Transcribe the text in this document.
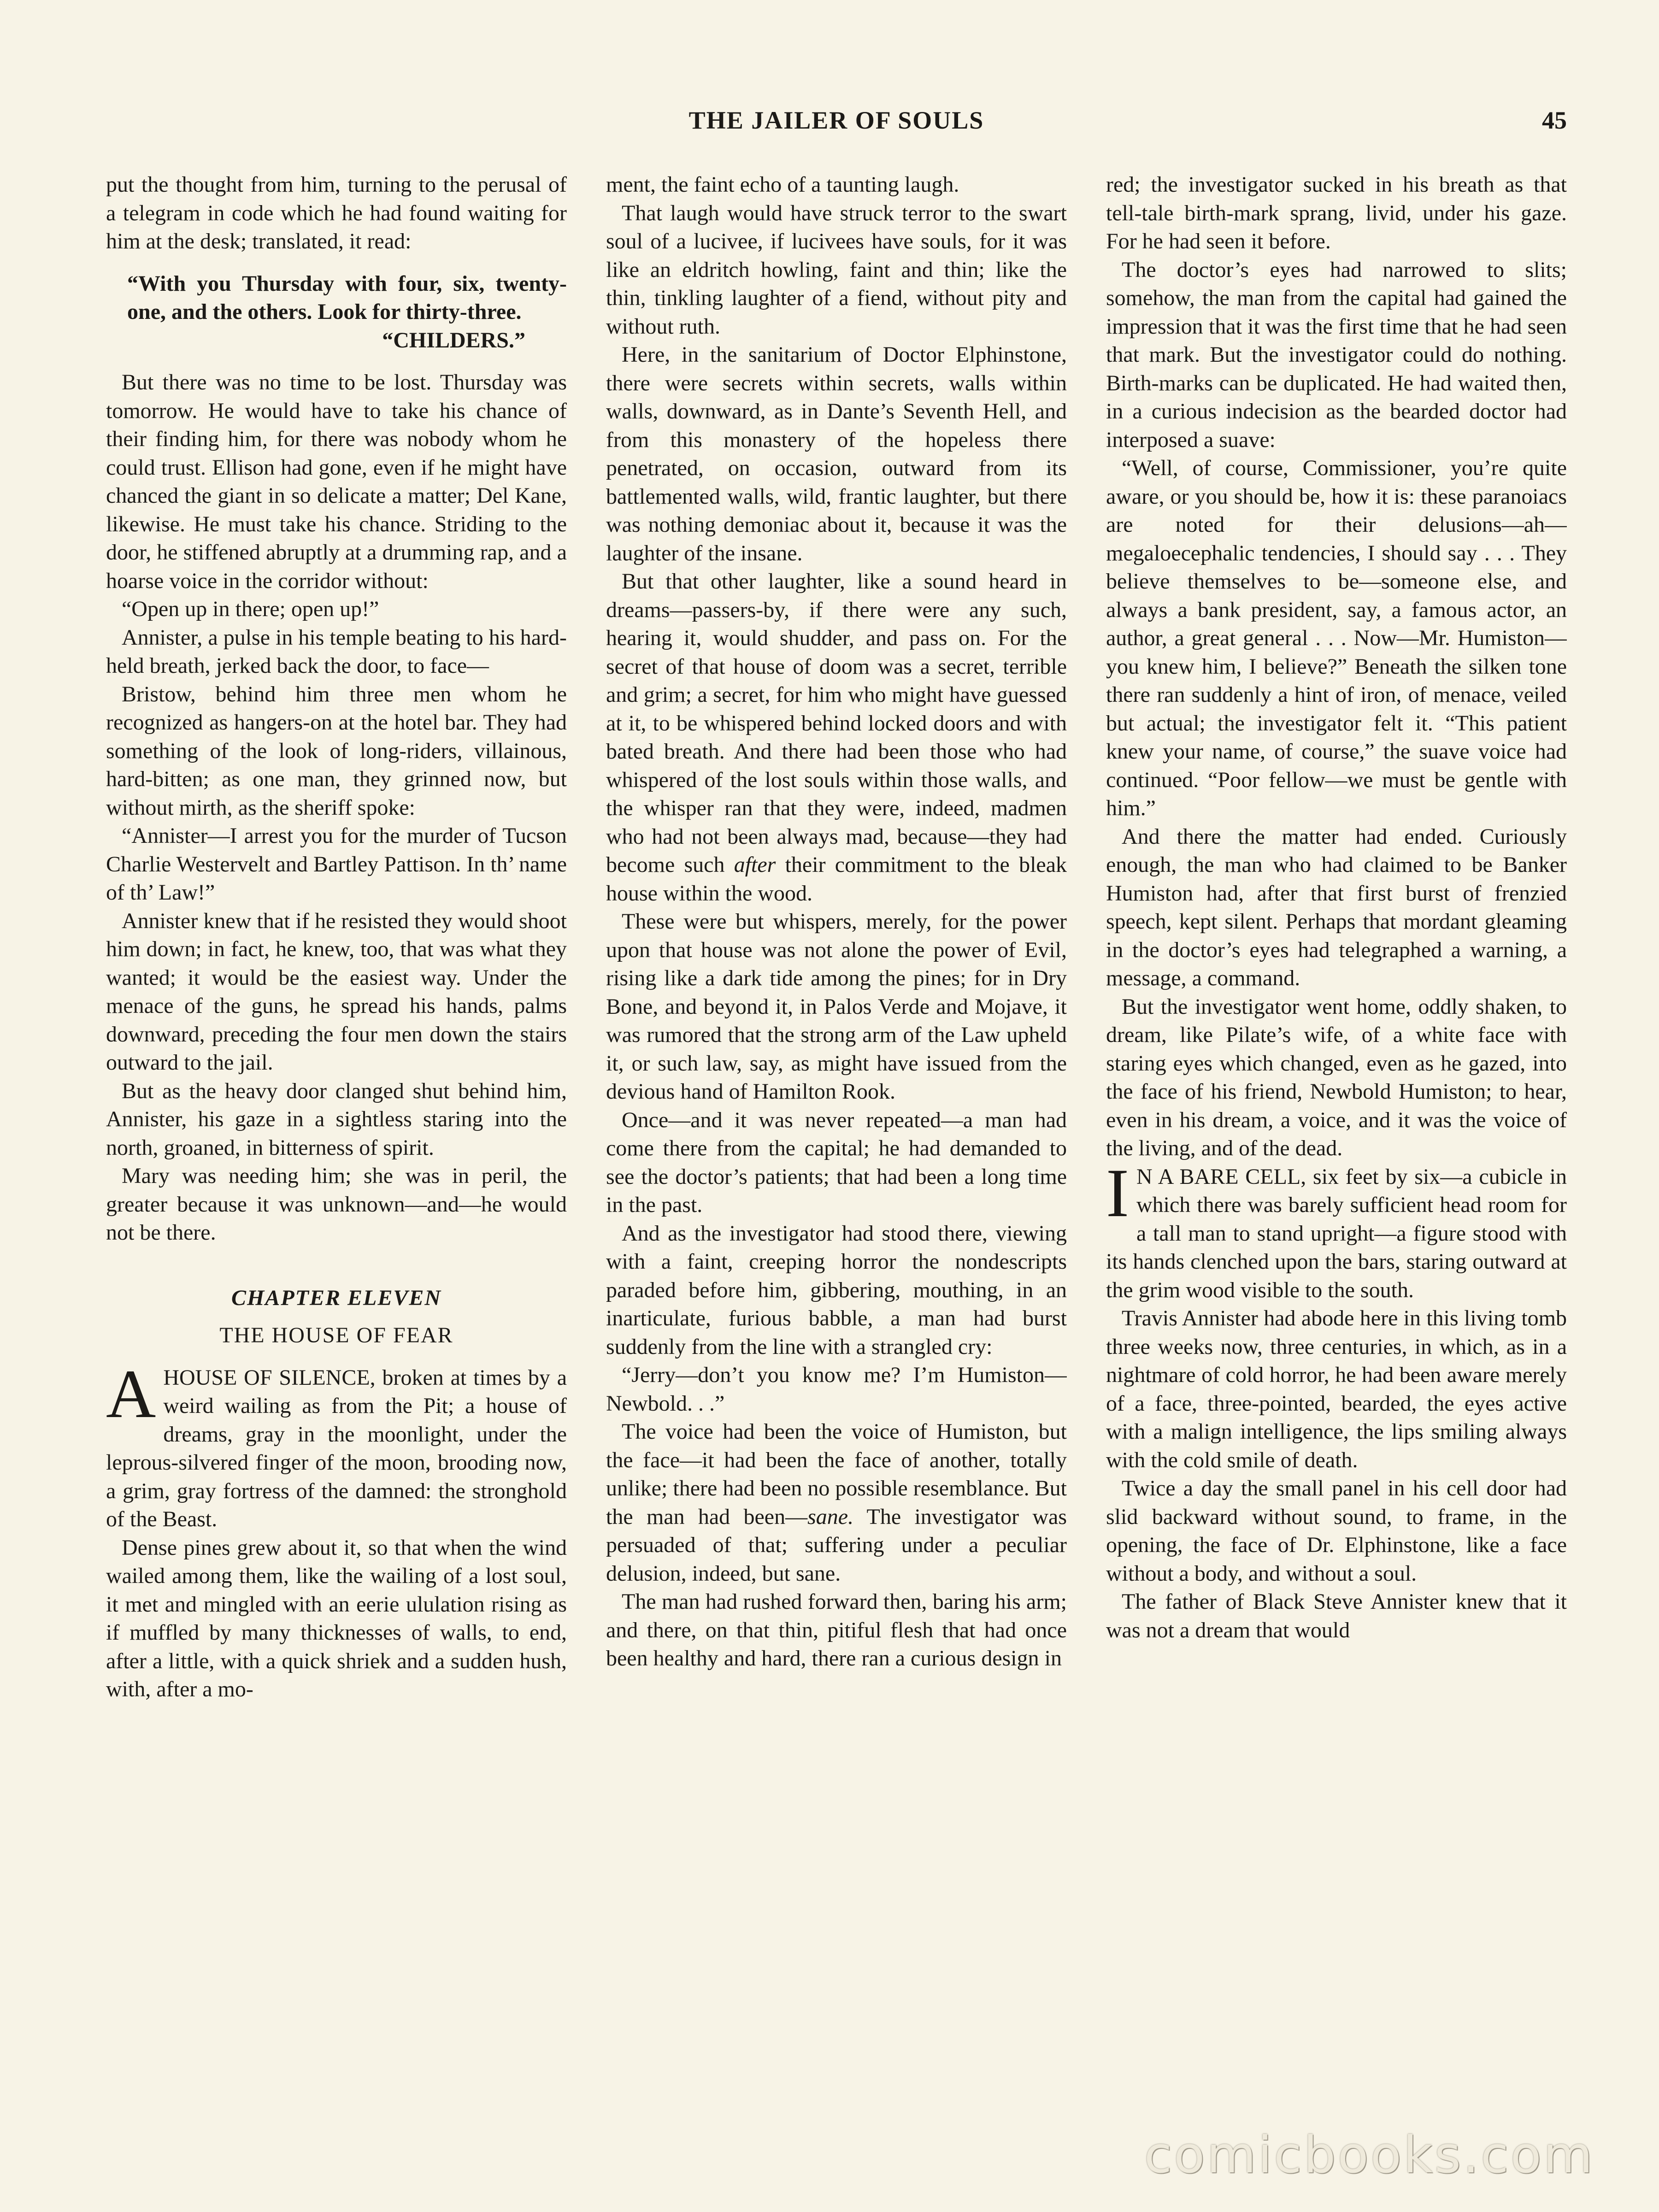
THE JAILER OF SOULS	45

put the thought from him, turning to the perusal of a telegram in code which he had found waiting for him at the desk; translated, it read:

“With you Thursday with four, six, twenty-one, and the others. Look for thirty-three.
“CHILDERS.”

But there was no time to be lost. Thursday was tomorrow. He would have to take his chance of their finding him, for there was nobody whom he could trust. Ellison had gone, even if he might have chanced the giant in so delicate a matter; Del Kane, likewise. He must take his chance. Striding to the door, he stiffened abruptly at a drumming rap, and a hoarse voice in the corridor without:

“Open up in there; open up!”

Annister, a pulse in his temple beating to his hard-held breath, jerked back the door, to face—

Bristow, behind him three men whom he recognized as hangers-on at the hotel bar. They had something of the look of long-riders, villainous, hard-bitten; as one man, they grinned now, but without mirth, as the sheriff spoke:

“Annister—I arrest you for the murder of Tucson Charlie Westervelt and Bartley Pattison. In th’ name of th’ Law!”

Annister knew that if he resisted they would shoot him down; in fact, he knew, too, that was what they wanted; it would be the easiest way. Under the menace of the guns, he spread his hands, palms downward, preceding the four men down the stairs outward to the jail.

But as the heavy door clanged shut behind him, Annister, his gaze in a sightless staring into the north, groaned, in bitterness of spirit.

Mary was needing him; she was in peril, the greater because it was unknown—and—he would not be there.

CHAPTER ELEVEN
THE HOUSE OF FEAR

AHOUSE OF SILENCE, broken at times by a weird wailing as from the Pit; a house of dreams, gray in the moonlight, under the leprous-silvered finger of the moon, brooding now, a grim, gray fortress of the damned: the stronghold of the Beast.

Dense pines grew about it, so that when the wind wailed among them, like the wailing of a lost soul, it met and mingled with an eerie ululation rising as if muffled by many thicknesses of walls, to end, after a little, with a quick shriek and a sudden hush, with, after a mo-

ment, the faint echo of a taunting laugh.

That laugh would have struck terror to the swart soul of a lucivee, if lucivees have souls, for it was like an eldritch howling, faint and thin; like the thin, tinkling laughter of a fiend, without pity and without ruth.

Here, in the sanitarium of Doctor Elphinstone, there were secrets within secrets, walls within walls, downward, as in Dante’s Seventh Hell, and from this monastery of the hopeless there penetrated, on occasion, outward from its battlemented walls, wild, frantic laughter, but there was nothing demoniac about it, because it was the laughter of the insane.

But that other laughter, like a sound heard in dreams—passers-by, if there were any such, hearing it, would shudder, and pass on. For the secret of that house of doom was a secret, terrible and grim; a secret, for him who might have guessed at it, to be whispered behind locked doors and with bated breath. And there had been those who had whispered of the lost souls within those walls, and the whisper ran that they were, indeed, madmen who had not been always mad, because—they had become such after their commitment to the bleak house within the wood.

These were but whispers, merely, for the power upon that house was not alone the power of Evil, rising like a dark tide among the pines; for in Dry Bone, and beyond it, in Palos Verde and Mojave, it was rumored that the strong arm of the Law upheld it, or such law, say, as might have issued from the devious hand of Hamilton Rook.

Once—and it was never repeated—a man had come there from the capital; he had demanded to see the doctor’s patients; that had been a long time in the past.

And as the investigator had stood there, viewing with a faint, creeping horror the nondescripts paraded before him, gibbering, mouthing, in an inarticulate, furious babble, a man had burst suddenly from the line with a strangled cry:

“Jerry—don’t you know me? I’m Humiston—Newbold. . .”

The voice had been the voice of Humiston, but the face—it had been the face of another, totally unlike; there had been no possible resemblance. But the man had been—sane. The investigator was persuaded of that; suffering under a peculiar delusion, indeed, but sane.

The man had rushed forward then, baring his arm; and there, on that thin, pitiful flesh that had once been healthy and hard, there ran a curious design in

red; the investigator sucked in his breath as that tell-tale birth-mark sprang, livid, under his gaze. For he had seen it before.

The doctor’s eyes had narrowed to slits; somehow, the man from the capital had gained the impression that it was the first time that he had seen that mark. But the investigator could do nothing. Birth-marks can be duplicated. He had waited then, in a curious indecision as the bearded doctor had interposed a suave:

“Well, of course, Commissioner, you’re quite aware, or you should be, how it is: these paranoiacs are noted for their delusions—ah—megaloecephalic tendencies, I should say . . . They believe themselves to be—someone else, and always a bank president, say, a famous actor, an author, a great general . . . Now—Mr. Humiston—you knew him, I believe?” Beneath the silken tone there ran suddenly a hint of iron, of menace, veiled but actual; the investigator felt it. “This patient knew your name, of course,” the suave voice had continued. “Poor fellow—we must be gentle with him.”

And there the matter had ended. Curiously enough, the man who had claimed to be Banker Humiston had, after that first burst of frenzied speech, kept silent. Perhaps that mordant gleaming in the doctor’s eyes had telegraphed a warning, a message, a command.

But the investigator went home, oddly shaken, to dream, like Pilate’s wife, of a white face with staring eyes which changed, even as he gazed, into the face of his friend, Newbold Humiston; to hear, even in his dream, a voice, and it was the voice of the living, and of the dead.

I N A BARE CELL, six feet by six—a cubicle in which there was barely sufficient head room for a tall man to stand upright—a figure stood with its hands clenched upon the bars, staring outward at the grim wood visible to the south.

Travis Annister had abode here in this living tomb three weeks now, three centuries, in which, as in a nightmare of cold horror, he had been aware merely of a face, three-pointed, bearded, the eyes active with a malign intelligence, the lips smiling always with the cold smile of death.

Twice a day the small panel in his cell door had slid backward without sound, to frame, in the opening, the face of Dr. Elphinstone, like a face without a body, and without a soul.

The father of Black Steve Annister knew that it was not a dream that would

comicbooks.com
